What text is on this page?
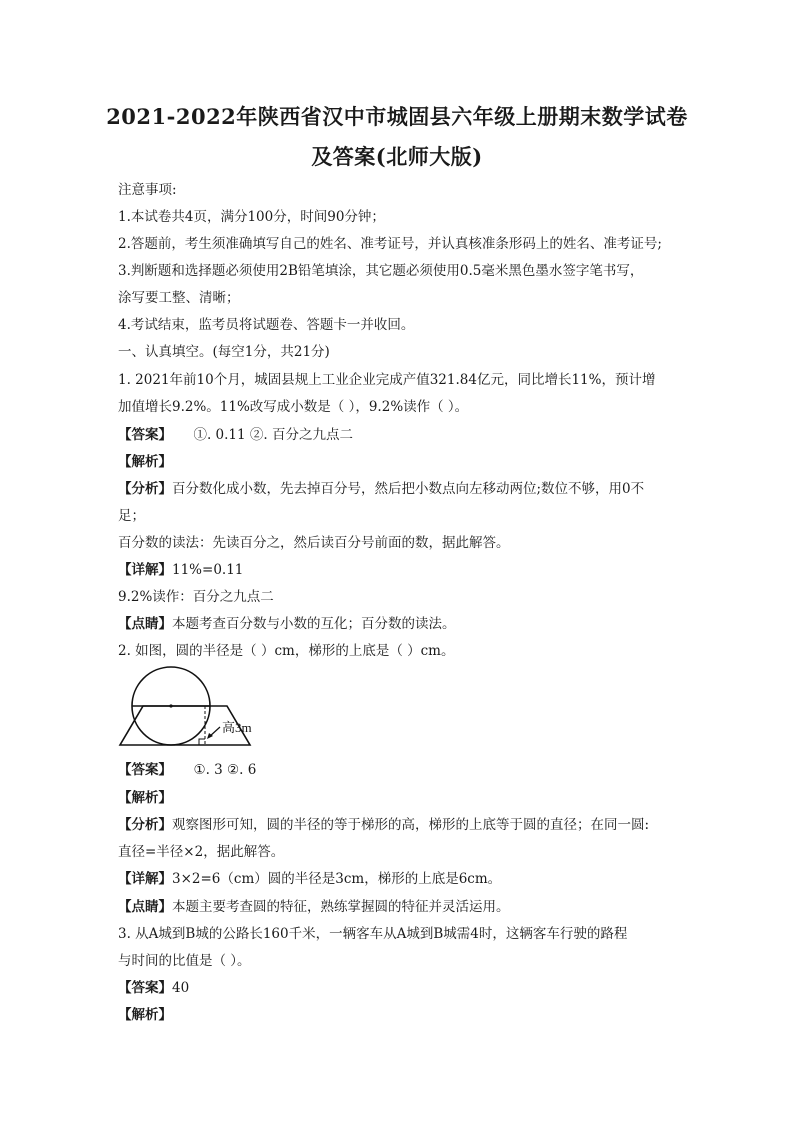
2021-2022年陕西省汉中市城固县六年级上册期末数学试卷
及答案(北师大版)
注意事项:
1.本试卷共4页，满分100分，时间90分钟；
2.答题前，考生须准确填写自己的姓名、准考证号，并认真核准条形码上的姓名、准考证号;
3.判断题和选择题必须使用2B铅笔填涂，其它题必须使用0.5毫米黑色墨水签字笔书写，
涂写要工整、清晰；
4.考试结束，监考员将试题卷、答题卡一并收回。
一、认真填空。(每空1分，共21分)
1. 2021年前10个月，城固县规上工业企业完成产值321.84亿元，同比增长11%，预计增
加值增长9.2%。11%改写成小数是（ ），9.2%读作（ ）。
【答案】 ①. 0.11 ②. 百分之九点二
【解析】
【分析】百分数化成小数，先去掉百分号，然后把小数点向左移动两位;数位不够，用0不
足；
百分数的读法：先读百分之，然后读百分号前面的数，据此解答。
【详解】11%=0.11
9.2%读作：百分之九点二
【点睛】本题考查百分数与小数的互化；百分数的读法。
2. 如图，圆的半径是（ ）cm，梯形的上底是（ ）cm。
高3m
【答案】 ①. 3 ②. 6
【解析】
【分析】观察图形可知，圆的半径的等于梯形的高，梯形的上底等于圆的直径；在同一圆:
直径=半径×2，据此解答。
【详解】3×2=6（cm）圆的半径是3cm，梯形的上底是6cm。
【点睛】本题主要考查圆的特征，熟练掌握圆的特征并灵活运用。
3. 从A城到B城的公路长160千米，一辆客车从A城到B城需4时，这辆客车行驶的路程
与时间的比值是（ ）。
【答案】40
【解析】
